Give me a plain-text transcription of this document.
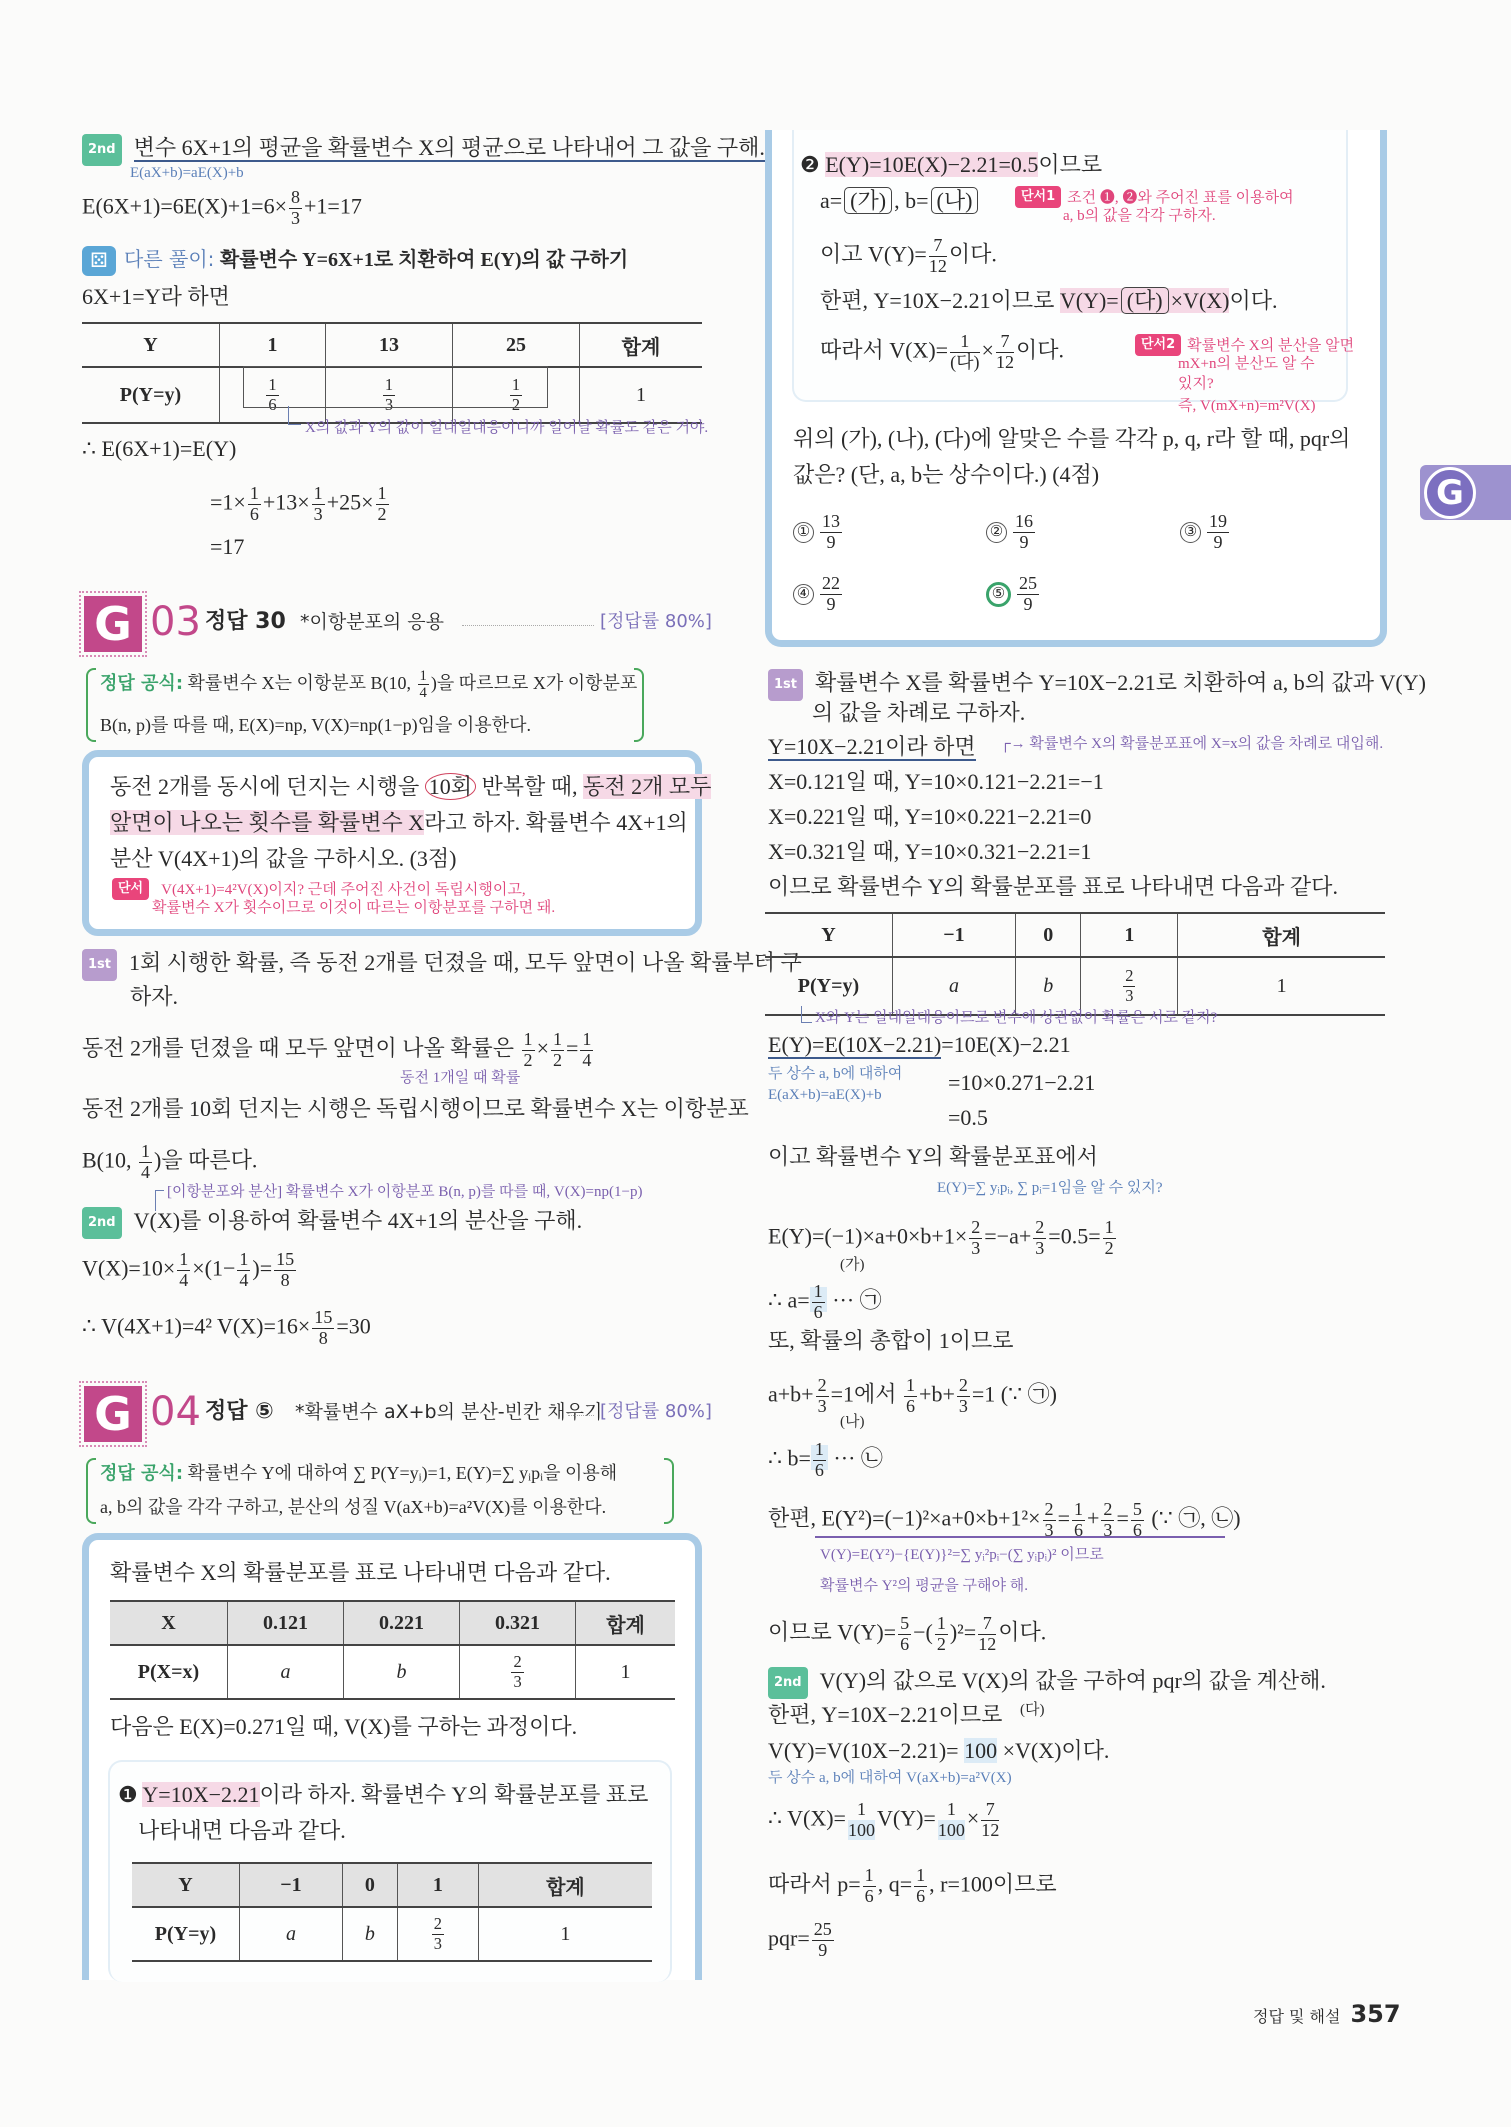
2nd 변수 6X+1의 평균을 확률변수 X의 평균으로 나타내어 그 값을 구해.
E(aX+b)=aE(X)+b
$E(6X+1)=6E(X)+1=6\times \frac{8}{3} +1=17$
⚄ 다른 풀이: 확률변수 Y=6X+1로 치환하여 E(Y)의 값 구하기
6X+1=Y라 하면
Y	1	13	25	합계
P(Y=y)	$\frac{1}{6}$	$\frac{1}{3}$	$\frac{1}{2}$	1
X의 값과 Y의 값이 일대일대응이니까 일어날 확률도 같은 거야.
∴ E(6X+1)=E(Y)
$=1\times \frac{1}{6} +13\times \frac{1}{3} +25\times \frac{1}{2}$
=17
G 03 정답 30 *이항분포의 응용	[정답률 80%]
정답 공식: 확률변수 X는 이항분포 B(10, $\frac{1}{4}$ )을 따르므로 X가 이항분포
B(n, p)를 따를 때, E(X)=np, V(X)=np(1−p)임을 이용한다.
동전 2개를 동시에 던지는 시행을 10회 반복할 때, 동전 2개 모두
앞면이 나오는 횟수를 확률변수 X라고 하자. 확률변수 4X+1의
분산 V(4X+1)의 값을 구하시오. (3점)
단서 V(4X+1)=4²V(X)이지? 근데 주어진 사건이 독립시행이고,
확률변수 X가 횟수이므로 이것이 따르는 이항분포를 구하면 돼.
1st 1회 시행한 확률, 즉 동전 2개를 던졌을 때, 모두 앞면이 나올 확률부터 구
하자.
동전 2개를 던졌을 때 모두 앞면이 나올 확률은 $\frac{1}{2} \times \frac{1}{2} = \frac{1}{4}$
동전 1개일 때 확률
동전 2개를 10회 던지는 시행은 독립시행이므로 확률변수 X는 이항분포
B(10, $\frac{1}{4}$ )을 따른다.
[이항분포와 분산] 확률변수 X가 이항분포 B(n, p)를 따를 때, V(X)=np(1−p)
2nd V(X)를 이용하여 확률변수 4X+1의 분산을 구해.
$V(X)=10\times \frac{1}{4} \times(1- \frac{1}{4}$ )= $\frac{15}{8}$
∴ V(4X+1)=4² $V(X)=16\times \frac{15}{8} =30$
G 04 정답 ⑤ *확률변수 aX+b의 분산-빈칸 채우기
[정답률 80%]
정답 공식: 확률변수 Y에 대하여 ∑ P(Y=yᵢ)=1, E(Y)=∑ yᵢpᵢ을 이용해
a, b의 값을 각각 구하고, 분산의 성질 V(aX+b)=a²V(X)를 이용한다.
확률변수 X의 확률분포를 표로 나타내면 다음과 같다.
X	0.121	0.221	0.321	합계
P(X=x)	a	b	$\frac{2}{3}$	1
다음은 E(X)=0.271일 때, V(X)를 구하는 과정이다.
❶ Y=10X−2.21이라 하자. 확률변수 Y의 확률분포를 표로
나타내면 다음과 같다.
Y	−1	0	1	합계
P(Y=y)	a	b	$\frac{2}{3}$	1
❷ E(Y)=10E(X)−2.21=0.5이므로
a= (가) , b= (나)	단서1 조건 ❶, ❷와 주어진 표를 이용하여
a, b의 값을 각각 구하자.
이고 $V(Y)= \frac{7}{12}$ 이다.
한편, Y=10X−2.21이므로 V(Y)= (다) ×V(X)이다.
따라서 $V(X)= \frac{1}{\text{(다)}} \times \frac{7}{12}$ 이다.	단서2 확률변수 X의 분산을 알면
mX+n의 분산도 알 수
있지?
즉, V(mX+n)=m²V(X)
위의 (가), (나), (다)에 알맞은 수를 각각 p, q, r라 할 때, pqr의
값은? (단, a, b는 상수이다.) (4점)
① $\frac{13}{9}$	② $\frac{16}{9}$	③ $\frac{19}{9}$
④ $\frac{22}{9}$	⑤ $\frac{25}{9}$
1st 확률변수 X를 확률변수 Y=10X−2.21로 치환하여 a, b의 값과 V(Y)
의 값을 차례로 구하자.
Y=10X−2.21이라 하면 ┌→ 확률변수 X의 확률분포표에 X=x의 값을 차례로 대입해.
X=0.121일 때, Y=10×0.121−2.21=−1
X=0.221일 때, Y=10×0.221−2.21=0
X=0.321일 때, Y=10×0.321−2.21=1
이므로 확률변수 Y의 확률분포를 표로 나타내면 다음과 같다.
Y	−1	0	1	합계
P(Y=y)	a	b	$\frac{2}{3}$	1
X와 Y는 일대일대응이므로 변수에 상관없이 확률은 서로 같지?
E(Y)=E(10X−2.21)=10E(X)−2.21
두 상수 a, b에 대하여
E(aX+b)=aE(X)+b	=10×0.271−2.21
=0.5
이고 확률변수 Y의 확률분포표에서
E(Y)=∑ yᵢpᵢ, ∑ pᵢ=1임을 알 수 있지?
$E(Y)=(-1)\times a+0\times b+1\times \frac{2}{3} =-a+ \frac{2}{3} =0.5= \frac{1}{2}$
(가)
∴ $a= \frac{1}{6}$ ··· ㉠
또, 확률의 총합이 1이므로
$a+b+ \frac{2}{3} =1$에서 $\frac{1}{6} +b+ \frac{2}{3} =1$ (∵ ㉠)
(나)
∴ $b= \frac{1}{6}$ ··· ㉡
한편, $E(Y^2)=(-1)^2\times a+0\times b+1^2\times \frac{2}{3} = \frac{1}{6} + \frac{2}{3} = \frac{5}{6}$ (∵ ㉠, ㉡)
V(Y)=E(Y²)−{E(Y)}²=∑ yᵢ²pᵢ−(∑ yᵢpᵢ)² 이므로
확률변수 Y²의 평균을 구해야 해.
이므로 $V(Y)= \frac{5}{6}$ −( $\frac{1}{2} )^2= \frac{7}{12}$ 이다.
2nd V(Y)의 값으로 V(X)의 값을 구하여 pqr의 값을 계산해.
한편, Y=10X−2.21이므로 (다)
V(Y)=V(10X−2.21)= 100 ×V(X)이다.
두 상수 a, b에 대하여 V(aX+b)=a²V(X)
∴ $V(X)= \frac{1}{100} V(Y)= \frac{1}{100} \times \frac{7}{12}$
따라서 $p= \frac{1}{6}$ , $q= \frac{1}{6}$ , r=100이므로
$pqr= \frac{25}{9}$
G
정답 및 해설 357
